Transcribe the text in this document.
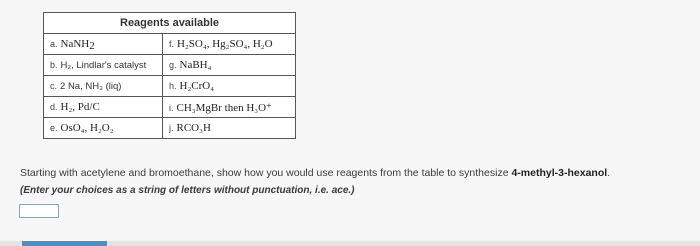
Reagents available	
a. NaNH$_2$	f. H₂SO₄, Hg₂SO₄, H₂O
b. H₂, Lindlar's catalyst	g. NaBH₄
c. 2 Na, NH₃ (liq)	h. H₂CrO₄
d. H₂, Pd/C	i. CH₃MgBr then H₃O⁺
e. OsO₄, H₂O₂	j. RCO₃H
Starting with acetylene and bromoethane, show how you would use reagents from the table to synthesize 4-methyl-3-hexanol.
(Enter your choices as a string of letters without punctuation, i.e. ace.)
